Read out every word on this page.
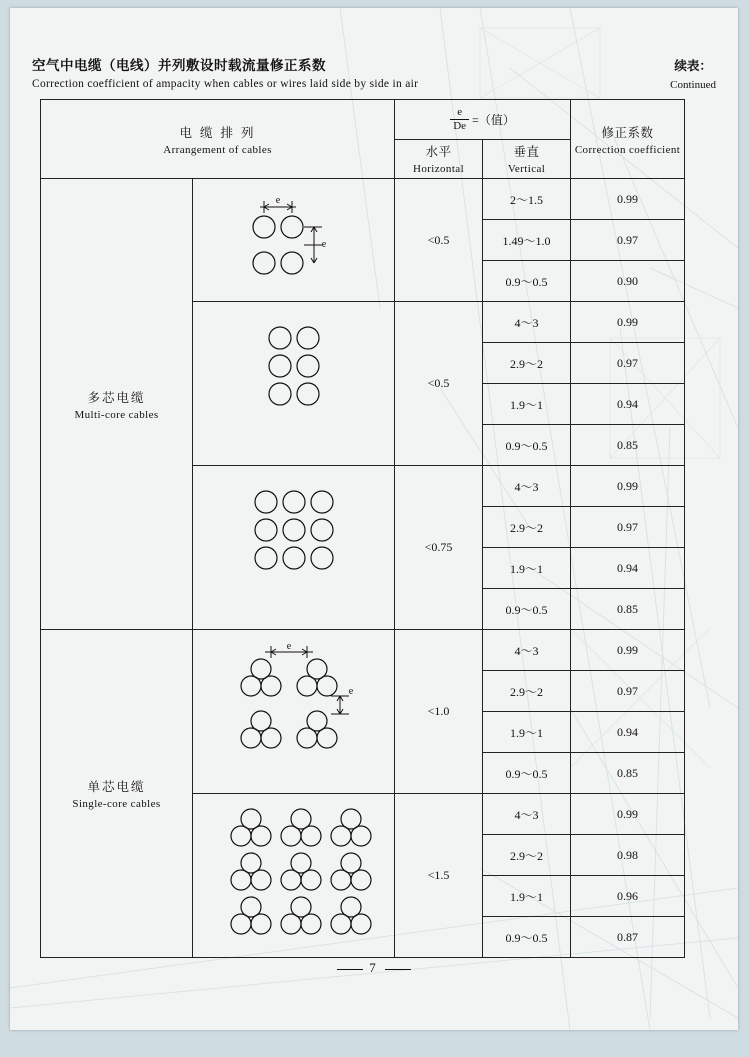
空气中电缆（电线）并列敷设时载流量修正系数
Correction coefficient of ampacity when cables or wires laid side by side in air
续表：
Continued
电 缆 排 列
Arrangement of cables

$\frac{e}{De}$ =（值）

修正系数
Correction coefficient

水平
Horizontal

垂直
Vertical

多芯电缆
Multi-core cables

e
e	<0.5	2～1.5	0.99
			1.49～1.0	0.97
			0.9～0.5	0.90

	<0.5	4～3	0.99
			2.9～2	0.97
			1.9～1	0.94
			0.9～0.5	0.85

	<0.75	4～3	0.99
			2.9～2	0.97
			1.9～1	0.94
			0.9～0.5	0.85

单芯电缆
Single-core cables

e
e
	<1.0	4～3	0.99
			2.9～2	0.97
			1.9～1	0.94
			0.9～0.5	0.85

	<1.5	4～3	0.99
			2.9～2	0.98
			1.9～1	0.96
			0.9～0.5	0.87
7
